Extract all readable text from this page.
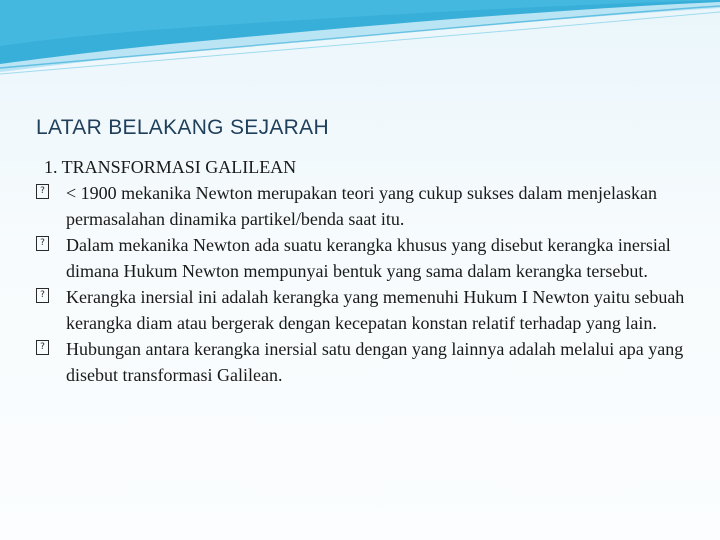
LATAR BELAKANG SEJARAH
1. TRANSFORMASI GALILEAN
? < 1900 mekanika Newton merupakan teori yang cukup sukses dalam menjelaskan permasalahan dinamika partikel/benda saat itu.
? Dalam mekanika Newton ada suatu kerangka khusus yang disebut kerangka inersial dimana Hukum Newton mempunyai bentuk yang sama dalam kerangka tersebut.
? Kerangka inersial ini adalah kerangka yang memenuhi Hukum I Newton yaitu sebuah kerangka diam atau bergerak dengan kecepatan konstan relatif terhadap yang lain.
? Hubungan antara kerangka inersial satu dengan yang lainnya adalah melalui apa yang disebut transformasi Galilean.
